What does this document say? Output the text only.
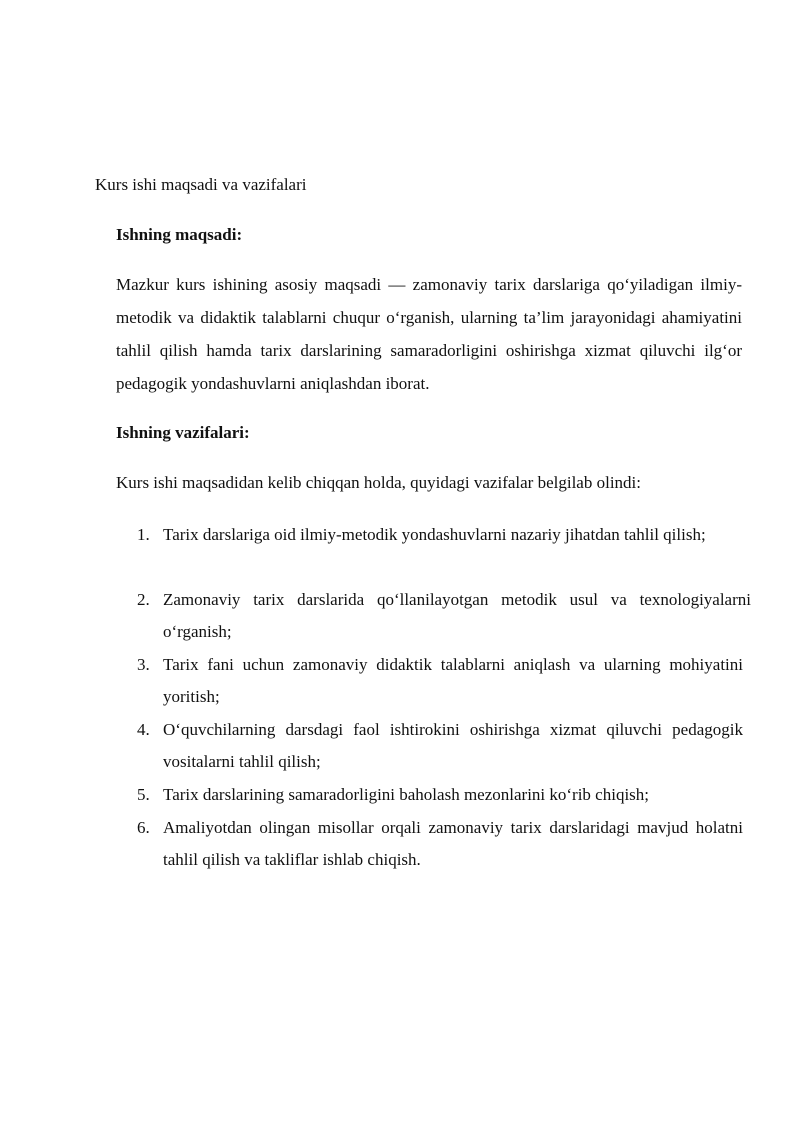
Kurs ishi maqsadi va vazifalari
Ishning maqsadi:
Mazkur kurs ishining asosiy maqsadi — zamonaviy tarix darslariga qo‘yiladigan ilmiy-metodik va didaktik talablarni chuqur o‘rganish, ularning ta’lim jarayonidagi ahamiyatini tahlil qilish hamda tarix darslarining samaradorligini oshirishga xizmat qiluvchi ilg‘or pedagogik yondashuvlarni aniqlashdan iborat.
Ishning vazifalari:
Kurs ishi maqsadidan kelib chiqqan holda, quyidagi vazifalar belgilab olindi:
1. Tarix darslariga oid ilmiy-metodik yondashuvlarni nazariy jihatdan tahlil qilish;
2. Zamonaviy tarix darslarida qo‘llanilayotgan metodik usul va texnologiyalarni o‘rganish;
3. Tarix fani uchun zamonaviy didaktik talablarni aniqlash va ularning mohiyatini yoritish;
4. O‘quvchilarning darsdagi faol ishtirokini oshirishga xizmat qiluvchi pedagogik vositalarni tahlil qilish;
5. Tarix darslarining samaradorligini baholash mezonlarini ko‘rib chiqish;
6. Amaliyotdan olingan misollar orqali zamonaviy tarix darslaridagi mavjud holatni tahlil qilish va takliflar ishlab chiqish.
